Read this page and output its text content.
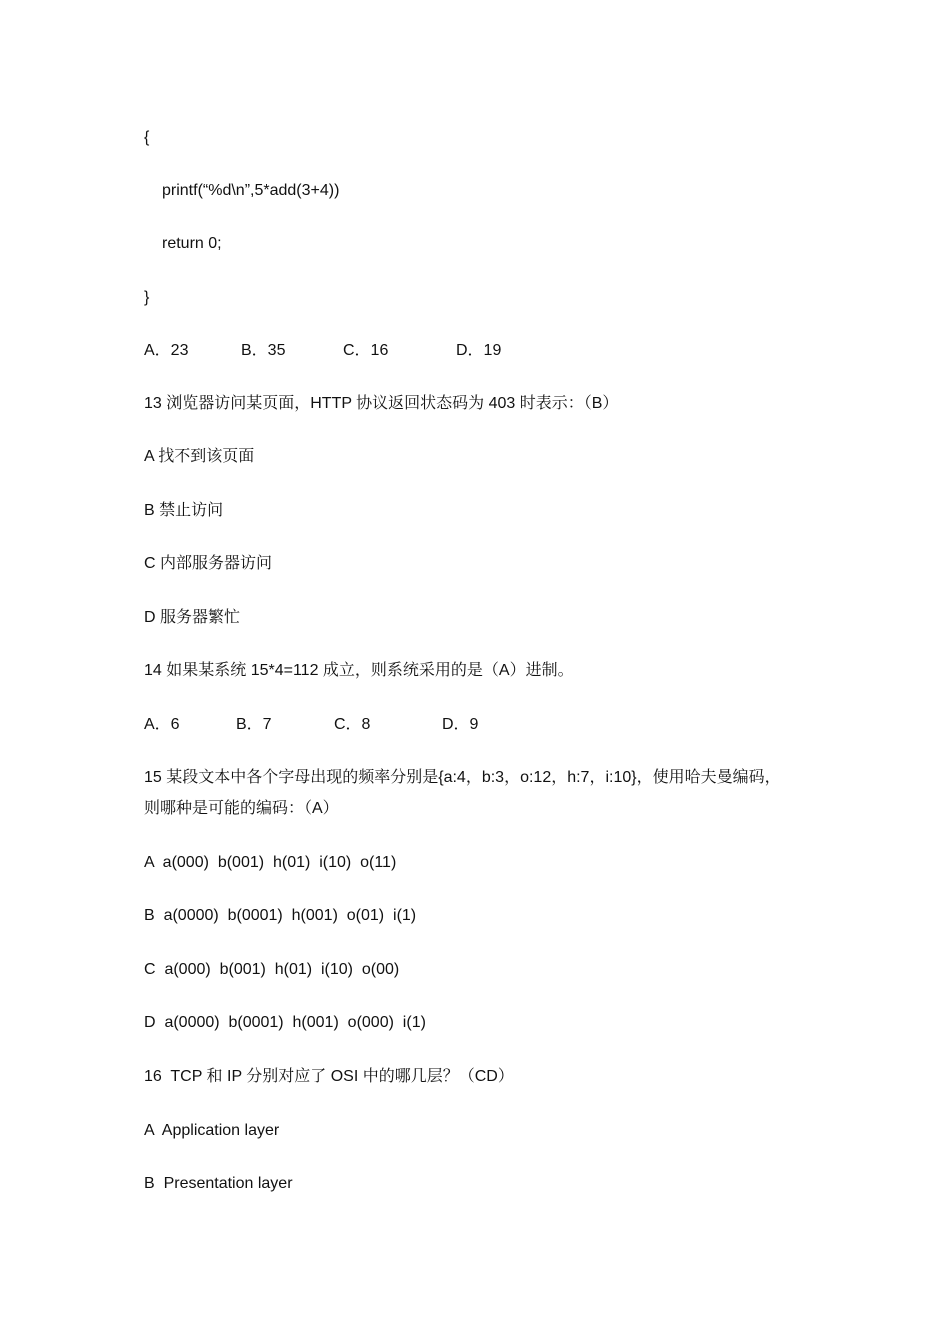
{
printf(“%d\n”,5*add(3+4))
return 0;
}
A．23	B．35	C．16	D．19
13 浏览器访问某页面，HTTP 协议返回状态码为 403 时表示：（B）
A 找不到该页面
B 禁止访问
C 内部服务器访问
D 服务器繁忙
14 如果某系统 15*4=112 成立，则系统采用的是（A）进制。
A．6	B．7	C．8	D．9
15 某段文本中各个字母出现的频率分别是{a:4，b:3，o:12，h:7，i:10}，使用哈夫曼编码，
则哪种是可能的编码：（A）
A  a(000)  b(001)  h(01)  i(10)  o(11)
B  a(0000)  b(0001)  h(001)  o(01)  i(1)
C  a(000)  b(001)  h(01)  i(10)  o(00)
D  a(0000)  b(0001)  h(001)  o(000)  i(1)
16  TCP 和 IP 分别对应了 OSI 中的哪几层？（CD）
A  Application layer
B  Presentation layer
